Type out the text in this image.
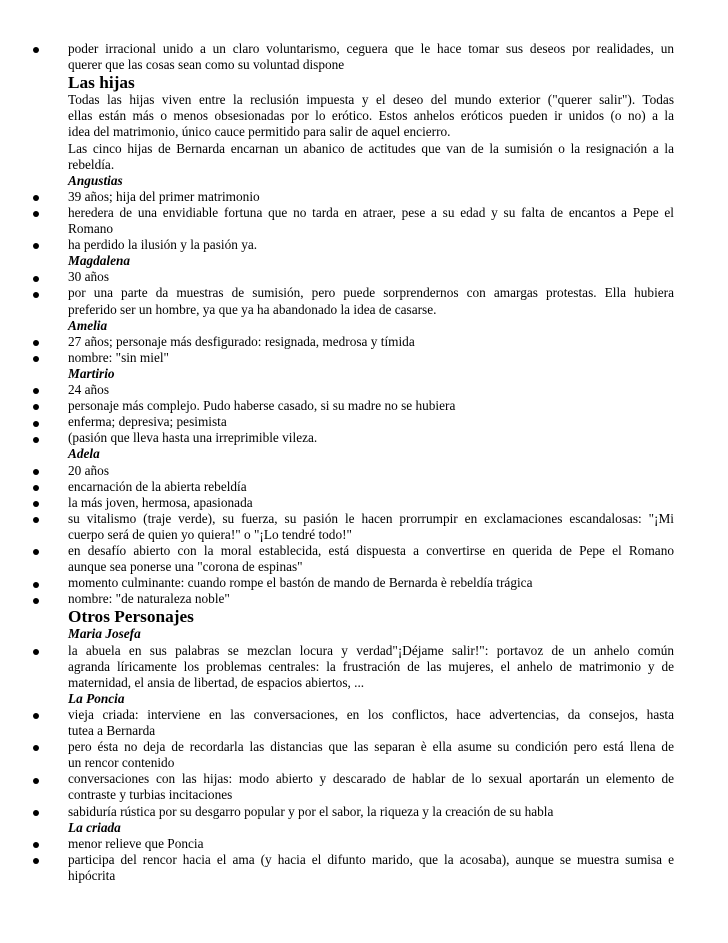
poder irracional unido a un claro voluntarismo, ceguera que le hace tomar sus deseos por realidades, un
querer que las cosas sean como su voluntad dispone
Las hijas
Todas las hijas viven entre la reclusión impuesta y el deseo del mundo exterior ("querer salir"). Todas
ellas están más o menos obsesionadas por lo erótico. Estos anhelos eróticos pueden ir unidos (o no) a la
idea del matrimonio, único cauce permitido para salir de aquel encierro.
Las cinco hijas de Bernarda encarnan un abanico de actitudes que van de la sumisión o la resignación a la
rebeldía.
Angustias
39 años; hija del primer matrimonio
heredera de una envidiable fortuna que no tarda en atraer, pese a su edad y su falta de encantos a Pepe el
Romano
ha perdido la ilusión y la pasión ya.
Magdalena
30 años
por una parte da muestras de sumisión, pero puede sorprendernos con amargas protestas. Ella hubiera
preferido ser un hombre, ya que ya ha abandonado la idea de casarse.
Amelia
27 años; personaje más desfigurado: resignada, medrosa y tímida
nombre: "sin miel"
Martirio
24 años
personaje más complejo. Pudo haberse casado, si su madre no se hubiera
enferma; depresiva; pesimista
(pasión que lleva hasta una irreprimible vileza.
Adela
20 años
encarnación de la abierta rebeldía
la más joven, hermosa, apasionada
su vitalismo (traje verde), su fuerza, su pasión le hacen prorrumpir en exclamaciones escandalosas: "¡Mi
cuerpo será de quien yo quiera!" o "¡Lo tendré todo!"
en desafío abierto con la moral establecida, está dispuesta a convertirse en querida de Pepe el Romano
aunque sea ponerse una "corona de espinas"
momento culminante: cuando rompe el bastón de mando de Bernarda è rebeldía trágica
nombre: "de naturaleza noble"
Otros Personajes
Maria Josefa
la abuela en sus palabras se mezclan locura y verdad"¡Déjame salir!": portavoz de un anhelo común
agranda líricamente los problemas centrales: la frustración de las mujeres, el anhelo de matrimonio y de
maternidad, el ansia de libertad, de espacios abiertos, ...
La Poncia
vieja criada: interviene en las conversaciones, en los conflictos, hace advertencias, da consejos, hasta
tutea a Bernarda
pero ésta no deja de recordarla las distancias que las separan è ella asume su condición pero está llena de
un rencor contenido
conversaciones con las hijas: modo abierto y descarado de hablar de lo sexual aportarán un elemento de
contraste y turbias incitaciones
sabiduría rústica por su desgarro popular y por el sabor, la riqueza y la creación de su habla
La criada
menor relieve que Poncia
participa del rencor hacia el ama (y hacia el difunto marido, que la acosaba), aunque se muestra sumisa e
hipócrita
